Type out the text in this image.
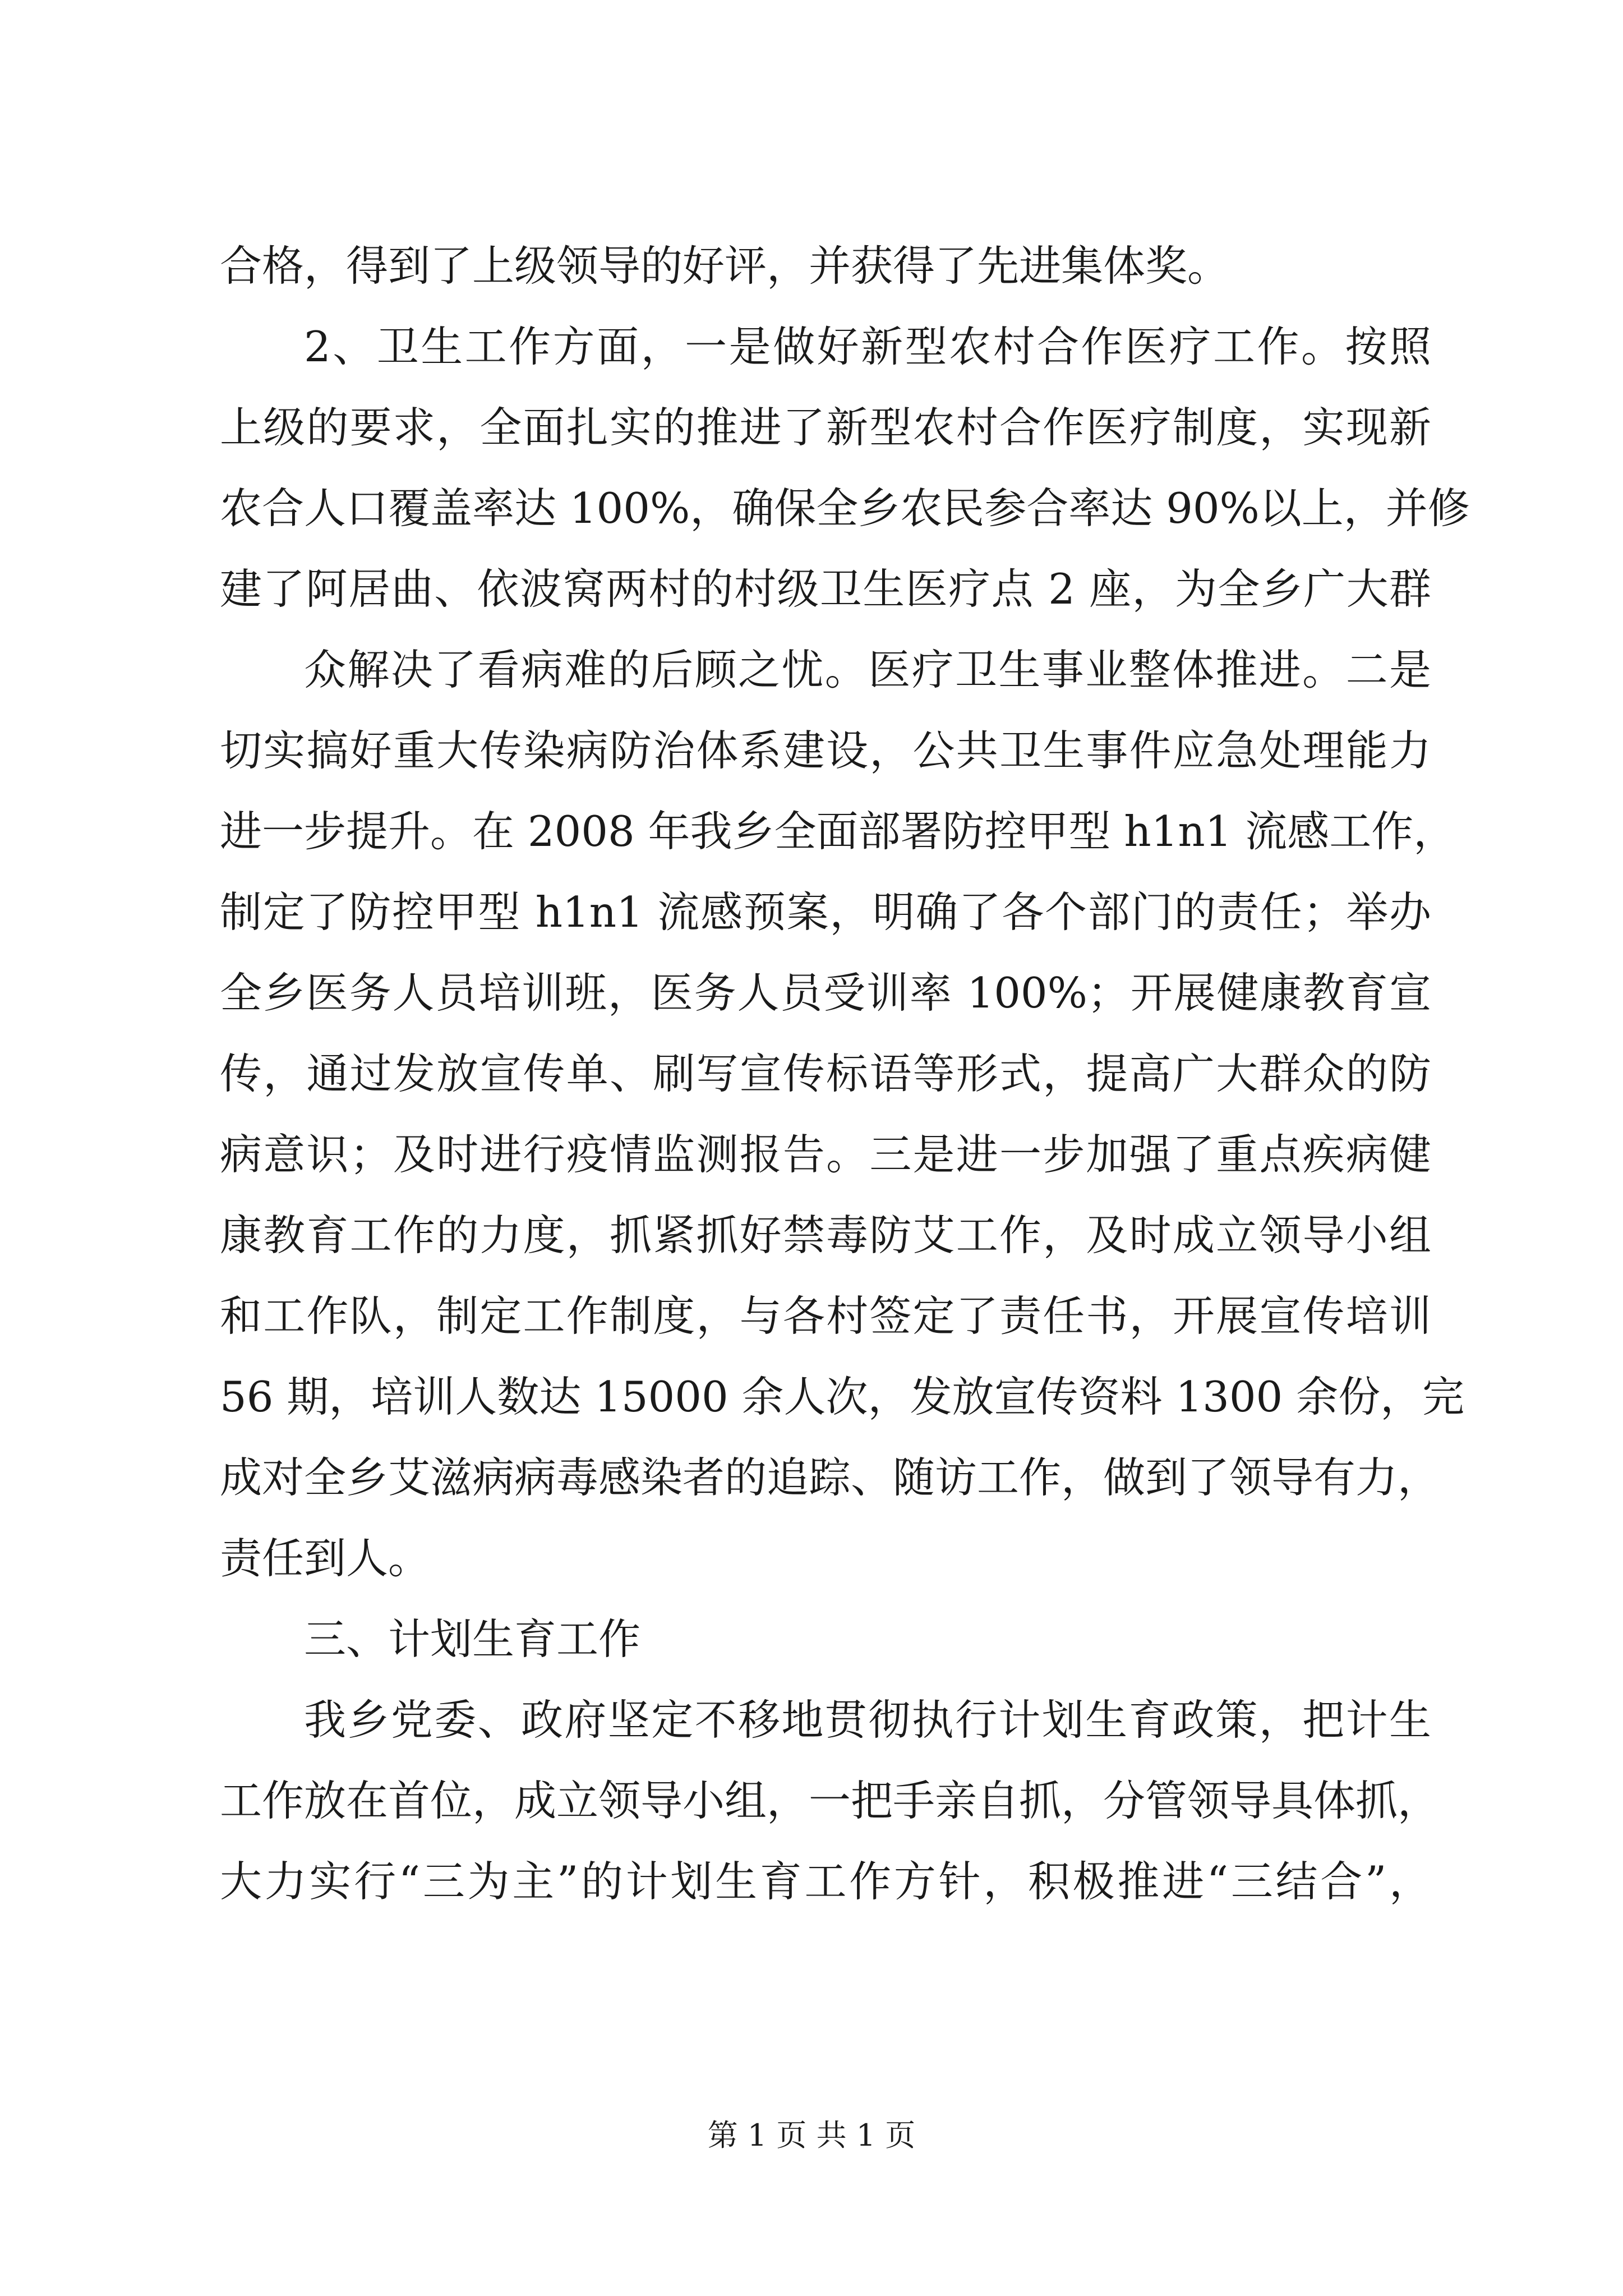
合格，得到了上级领导的好评，并获得了先进集体奖。
2、卫生工作方面，一是做好新型农村合作医疗工作。按照
上级的要求，全面扎实的推进了新型农村合作医疗制度，实现新
农合人口覆盖率达 100%，确保全乡农民参合率达 90%以上，并修
建了阿居曲、依波窝两村的村级卫生医疗点 2 座，为全乡广大群
众解决了看病难的后顾之忧。医疗卫生事业整体推进。二是
切实搞好重大传染病防治体系建设，公共卫生事件应急处理能力
进一步提升。在 2008 年我乡全面部署防控甲型 h1n1 流感工作，
制定了防控甲型 h1n1 流感预案，明确了各个部门的责任；举办
全乡医务人员培训班，医务人员受训率 100%；开展健康教育宣
传，通过发放宣传单、刷写宣传标语等形式，提高广大群众的防
病意识；及时进行疫情监测报告。三是进一步加强了重点疾病健
康教育工作的力度，抓紧抓好禁毒防艾工作，及时成立领导小组
和工作队，制定工作制度，与各村签定了责任书，开展宣传培训
56 期，培训人数达 15000 余人次，发放宣传资料 1300 余份，完
成对全乡艾滋病病毒感染者的追踪、随访工作，做到了领导有力，
责任到人。
三、计划生育工作
我乡党委、政府坚定不移地贯彻执行计划生育政策，把计生
工作放在首位，成立领导小组，一把手亲自抓，分管领导具体抓，
大力实行“三为主”的计划生育工作方针，积极推进“三结合”，
第 1 页 共 1 页
